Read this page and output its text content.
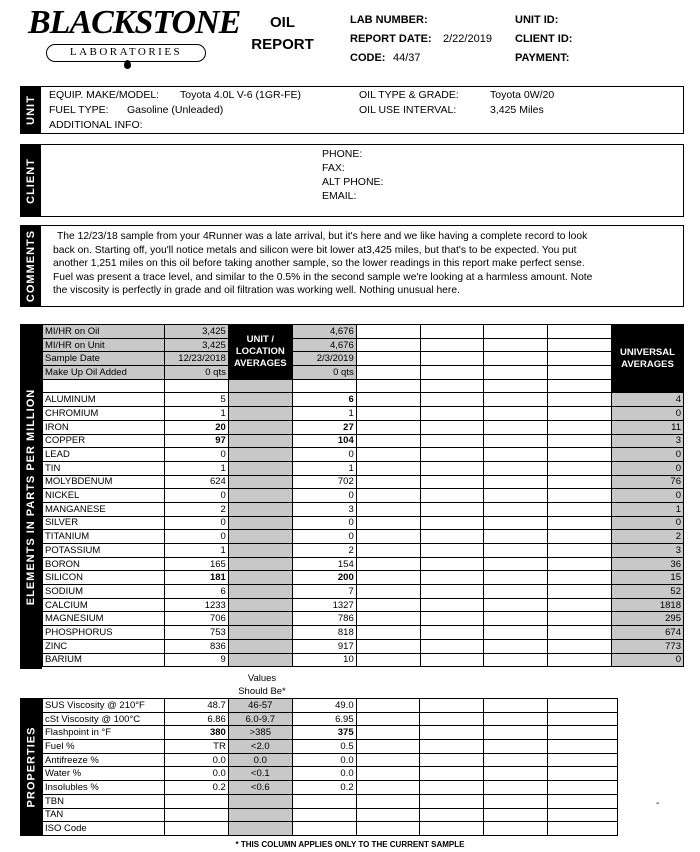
BLACKSTONE
LABORATORIES
OIL
REPORT
LAB NUMBER:
REPORT DATE: 2/22/2019
CODE: 44/37
UNIT ID:
CLIENT ID:
PAYMENT:
UNIT
EQUIP. MAKE/MODEL: Toyota 4.0L V-6 (1GR-FE)
FUEL TYPE: Gasoline (Unleaded)
ADDITIONAL INFO:
OIL TYPE & GRADE:	Toyota 0W/20
OIL USE INTERVAL:	3,425 Miles
CLIENT
PHONE:
FAX:
ALT PHONE:
EMAIL:
COMMENTS	The 12/23/18 sample from your 4Runner was a late arrival, but it's here and we like having a complete record to look
back on. Starting off, you'll notice metals and silicon were bit lower at3,425 miles, but that's to be expected. You put
another 1,251 miles on this oil before taking another sample, so the lower readings in this report make perfect sense.
Fuel was present a trace level, and similar to the 0.5% in the second sample we're looking at a harmless amount. Note
the viscosity is perfectly in grade and oil filtration was working well. Nothing unusual here.
ELEMENTS IN PARTS PER MILLION
MI/HR on Oil	3,425	UNIT / LOCATION AVERAGES	4,676					UNIVERSAL AVERAGES
MI/HR on Unit	3,425		4,676					
Sample Date	12/23/2018		2/3/2019					
Make Up Oil Added	0 qts		0 qts					

ALUMINUM	5		6					4
CHROMIUM	1		1					0
IRON	20		27					11
COPPER	97		104					3
LEAD	0		0					0
TIN	1		1					0
MOLYBDENUM	624		702					76
NICKEL	0		0					0
MANGANESE	2		3					1
SILVER	0		0					0
TITANIUM	0		0					2
POTASSIUM	1		2					3
BORON	165		154					36
SILICON	181		200					15
SODIUM	6		7					52
CALCIUM	1233		1327					1818
MAGNESIUM	706		786					295
PHOSPHORUS	753		818					674
ZINC	836		917					773
BARIUM	9		10					0
Values
Should Be*
PROPERTIES
SUS Viscosity @ 210°F	48.7	46-57	49.0				
cSt Viscosity @ 100°C	6.86	6.0-9.7	6.95				
Flashpoint in °F	380	>385	375				
Fuel %	TR	<2.0	0.5				
Antifreeze %	0.0	0.0	0.0				
Water %	0.0	<0.1	0.0				
Insolubles %	0.2	<0.6	0.2				
TBN							
TAN							
ISO Code							
* THIS COLUMN APPLIES ONLY TO THE CURRENT SAMPLE
-
